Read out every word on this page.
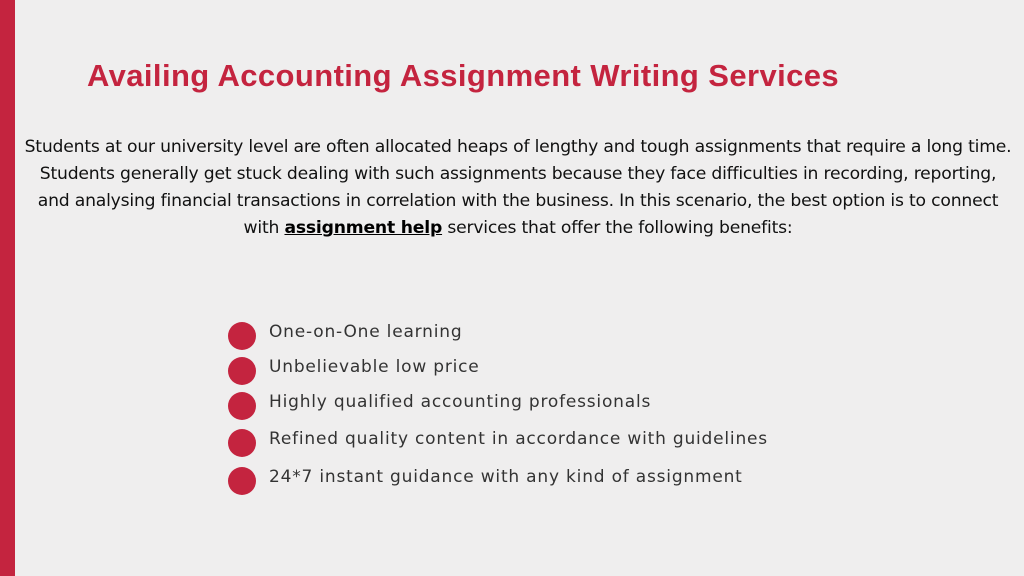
Availing Accounting Assignment Writing Services

Students at our university level are often allocated heaps of lengthy and tough assignments that require a long time. Students generally get stuck dealing with such assignments because they face difficulties in recording, reporting, and analysing financial transactions in correlation with the business. In this scenario, the best option is to connect with assignment help services that offer the following benefits:

One-on-One learning
Unbelievable low price
Highly qualified accounting professionals
Refined quality content in accordance with guidelines
24*7 instant guidance with any kind of assignment
